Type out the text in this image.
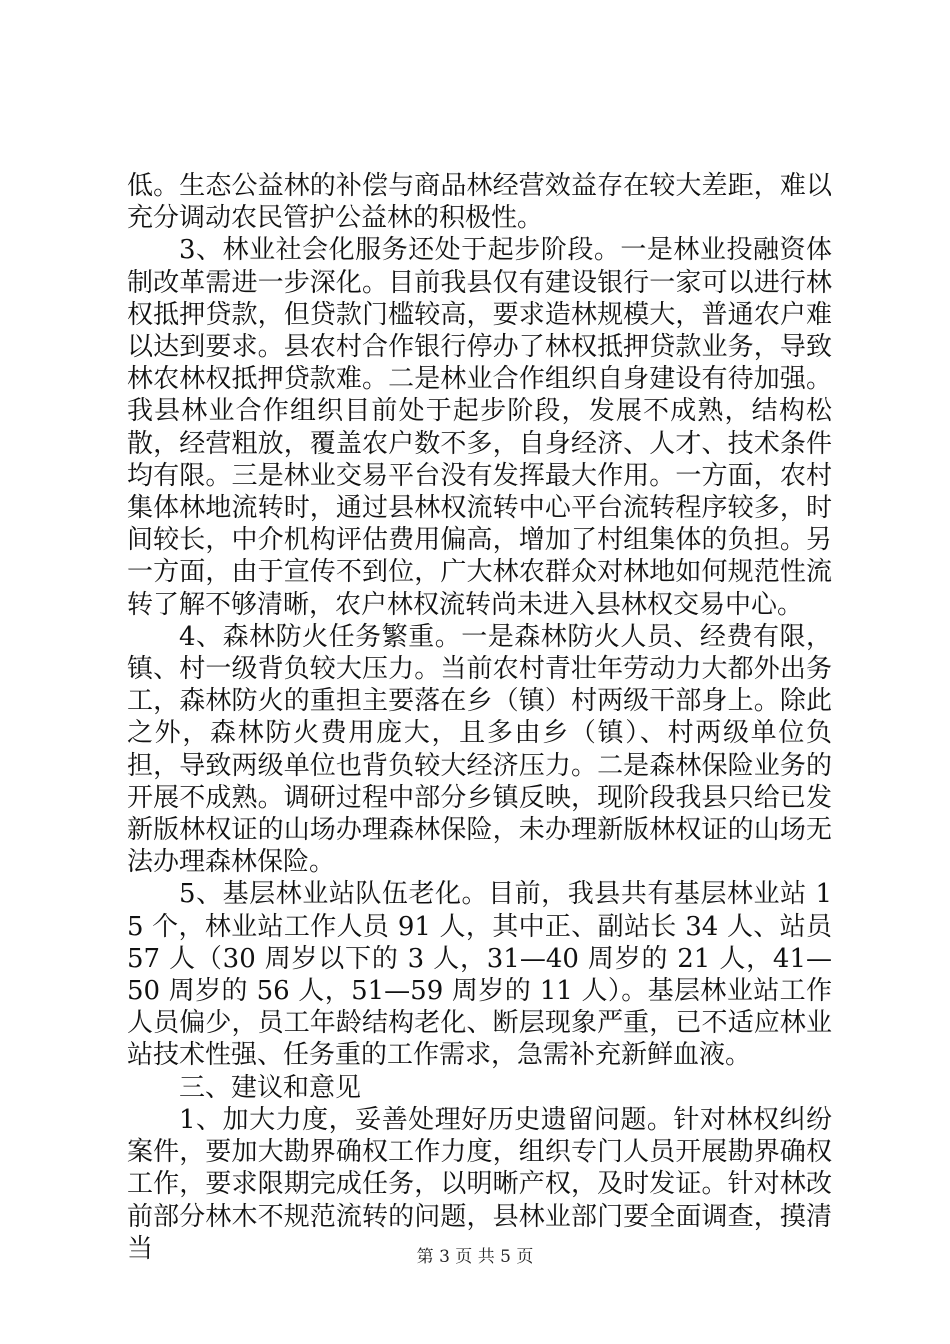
低。生态公益林的补偿与商品林经营效益存在较大差距，难以充分调动农民管护公益林的积极性。

3、林业社会化服务还处于起步阶段。一是林业投融资体制改革需进一步深化。目前我县仅有建设银行一家可以进行林权抵押贷款，但贷款门槛较高，要求造林规模大，普通农户难以达到要求。县农村合作银行停办了林权抵押贷款业务，导致林农林权抵押贷款难。二是林业合作组织自身建设有待加强。我县林业合作组织目前处于起步阶段，发展不成熟，结构松散，经营粗放，覆盖农户数不多，自身经济、人才、技术条件均有限。三是林业交易平台没有发挥最大作用。一方面，农村集体林地流转时，通过县林权流转中心平台流转程序较多，时间较长，中介机构评估费用偏高，增加了村组集体的负担。另一方面，由于宣传不到位，广大林农群众对林地如何规范性流转了解不够清晰，农户林权流转尚未进入县林权交易中心。

4、森林防火任务繁重。一是森林防火人员、经费有限，镇、村一级背负较大压力。当前农村青壮年劳动力大都外出务工，森林防火的重担主要落在乡（镇）村两级干部身上。除此之外，森林防火费用庞大，且多由乡（镇）、村两级单位负担，导致两级单位也背负较大经济压力。二是森林保险业务的开展不成熟。调研过程中部分乡镇反映，现阶段我县只给已发新版林权证的山场办理森林保险，未办理新版林权证的山场无法办理森林保险。

5、基层林业站队伍老化。目前，我县共有基层林业站 15 个，林业站工作人员 91 人，其中正、副站长 34 人、站员 57 人（30 周岁以下的 3 人，31—40 周岁的 21 人，41—50 周岁的 56 人，51—59 周岁的 11 人）。基层林业站工作人员偏少，员工年龄结构老化、断层现象严重，已不适应林业站技术性强、任务重的工作需求，急需补充新鲜血液。

三、建议和意见

1、加大力度，妥善处理好历史遗留问题。针对林权纠纷案件，要加大勘界确权工作力度，组织专门人员开展勘界确权工作，要求限期完成任务，以明晰产权，及时发证。针对林改前部分林木不规范流转的问题，县林业部门要全面调查，摸清当	第 3 页 共 5 页
